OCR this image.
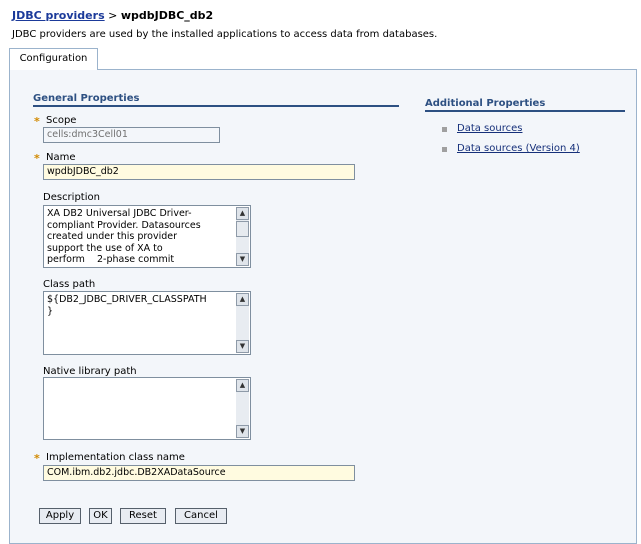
JDBC providers > wpdbJDBC_db2
JDBC providers are used by the installed applications to access data from databases.
Configuration
General Properties
* Scope
cells:dmc3Cell01
* Name
wpdbJDBC_db2
Description
XA DB2 Universal JDBC Driver-
compliant Provider. Datasources
created under this provider
support the use of XA to
perform    2-phase commit
▲
▼
Class path
${DB2_JDBC_DRIVER_CLASSPATH
}
▲
▼
Native library path
▲
▼
* Implementation class name
COM.ibm.db2.jdbc.DB2XADataSource
Additional Properties
Data sources
Data sources (Version 4)
Apply	OK	Reset	Cancel
